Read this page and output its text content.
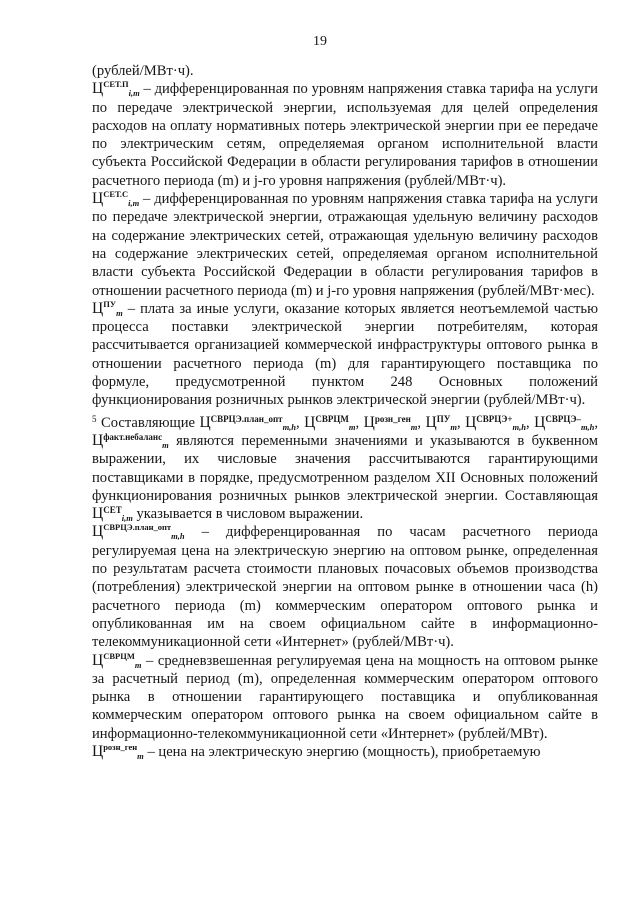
19

(рублей/МВт·ч).

$Ц^{СЕТ.П}_{i,m}$ – дифференцированная по уровням напряжения ставка тарифа на услуги по передаче электрической энергии, используемая для целей определения расходов на оплату нормативных потерь электрической энергии при ее передаче по электрическим сетям, определяемая органом исполнительной власти субъекта Российской Федерации в области регулирования тарифов в отношении расчетного периода (m) и j-го уровня напряжения (рублей/МВт·ч).

$Ц^{СЕТ.С}_{i,m}$ – дифференцированная по уровням напряжения ставка тарифа на услуги по передаче электрической энергии, отражающая удельную величину расходов на содержание электрических сетей, отражающая удельную величину расходов на содержание электрических сетей, определяемая органом исполнительной власти субъекта Российской Федерации в области регулирования тарифов в отношении расчетного периода (m) и j-го уровня напряжения (рублей/МВт·мес).

$Ц^{ПУ}_m$ – плата за иные услуги, оказание которых является неотъемлемой частью процесса поставки электрической энергии потребителям, которая рассчитывается организацией коммерческой инфраструктуры оптового рынка в отношении расчетного периода (m) для гарантирующего поставщика по формуле, предусмотренной пунктом 248 Основных положений функционирования розничных рынков электрической энергии (рублей/МВт·ч).

$^5$ Составляющие $Ц^{СВРЦЭ.план\_опт}_{m,h}$, $Ц^{СВРЦМ}_m$, $Ц^{розн\_ген}_m$, $Ц^{ПУ}_m$, $Ц^{СВРЦЭ+}_{m,h}$, $Ц^{СВРЦЭ-}_{m,h}$, $Ц^{факт.небаланс}_m$ являются переменными значениями и указываются в буквенном выражении, их числовые значения рассчитываются гарантирующими поставщиками в порядке, предусмотренном разделом XII Основных положений функционирования розничных рынков электрической энергии. Составляющая $Ц^{СЕТ}_{i,m}$ указывается в числовом выражении.

$Ц^{СВРЦЭ.план\_опт}_{m,h}$ – дифференцированная по часам расчетного периода регулируемая цена на электрическую энергию на оптовом рынке, определенная по результатам расчета стоимости плановых почасовых объемов производства (потребления) электрической энергии на оптовом рынке в отношении часа (h) расчетного периода (m) коммерческим оператором оптового рынка и опубликованная им на своем официальном сайте в информационно-телекоммуникационной сети «Интернет» (рублей/МВт·ч).

$Ц^{СВРЦМ}_m$ – средневзвешенная регулируемая цена на мощность на оптовом рынке за расчетный период (m), определенная коммерческим оператором оптового рынка в отношении гарантирующего поставщика и опубликованная коммерческим оператором оптового рынка на своем официальном сайте в информационно-телекоммуникационной сети «Интернет» (рублей/МВт).

$Ц^{розн\_ген}_m$ – цена на электрическую энергию (мощность), приобретаемую
